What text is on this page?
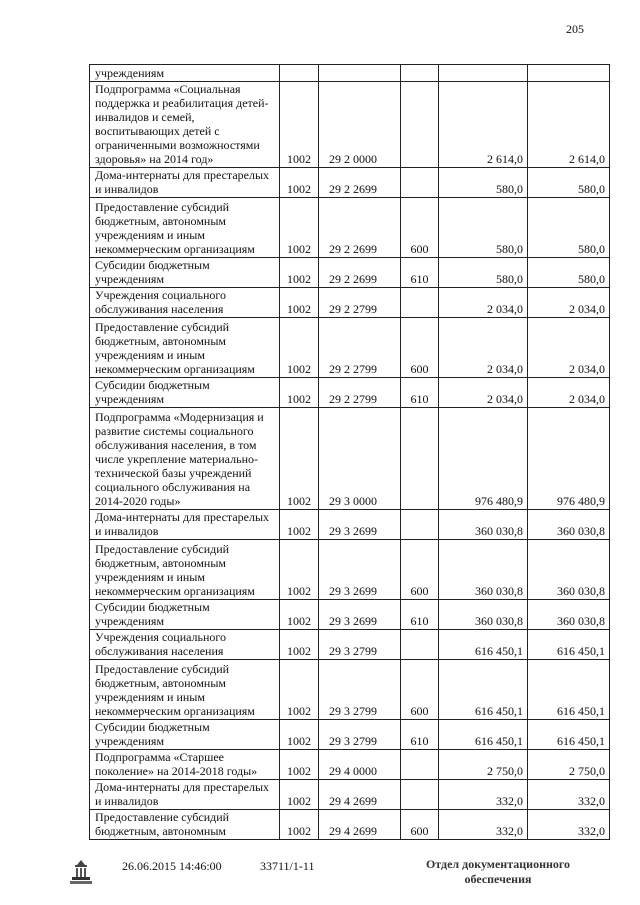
205
учреждениям					
Подпрограмма «Социальная поддержка и реабилитация детей-инвалидов и семей, воспитывающих детей с ограниченными возможностями здоровья» на 2014 год»	1002	29 2 0000		2 614,0	2 614,0
Дома-интернаты для престарелых и инвалидов	1002	29 2 2699		580,0	580,0
Предоставление субсидий бюджетным, автономным учреждениям и иным некоммерческим организациям	1002	29 2 2699	600	580,0	580,0
Субсидии бюджетным учреждениям	1002	29 2 2699	610	580,0	580,0
Учреждения социального обслуживания населения	1002	29 2 2799		2 034,0	2 034,0
Предоставление субсидий бюджетным, автономным учреждениям и иным некоммерческим организациям	1002	29 2 2799	600	2 034,0	2 034,0
Субсидии бюджетным учреждениям	1002	29 2 2799	610	2 034,0	2 034,0
Подпрограмма «Модернизация и развитие системы социального обслуживания населения, в том числе укрепление материально-технической базы учреждений социального обслуживания на 2014-2020 годы»	1002	29 3 0000		976 480,9	976 480,9
Дома-интернаты для престарелых и инвалидов	1002	29 3 2699		360 030,8	360 030,8
Предоставление субсидий бюджетным, автономным учреждениям и иным некоммерческим организациям	1002	29 3 2699	600	360 030,8	360 030,8
Субсидии бюджетным учреждениям	1002	29 3 2699	610	360 030,8	360 030,8
Учреждения социального обслуживания населения	1002	29 3 2799		616 450,1	616 450,1
Предоставление субсидий бюджетным, автономным учреждениям и иным некоммерческим организациям	1002	29 3 2799	600	616 450,1	616 450,1
Субсидии бюджетным учреждениям	1002	29 3 2799	610	616 450,1	616 450,1
Подпрограмма «Старшее поколение» на 2014-2018 годы»	1002	29 4 0000		2 750,0	2 750,0
Дома-интернаты для престарелых и инвалидов	1002	29 4 2699		332,0	332,0
Предоставление субсидий бюджетным, автономным	1002	29 4 2699	600	332,0	332,0
26.06.2015 14:46:00	33711/1-11	Отдел документационного обеспечения
